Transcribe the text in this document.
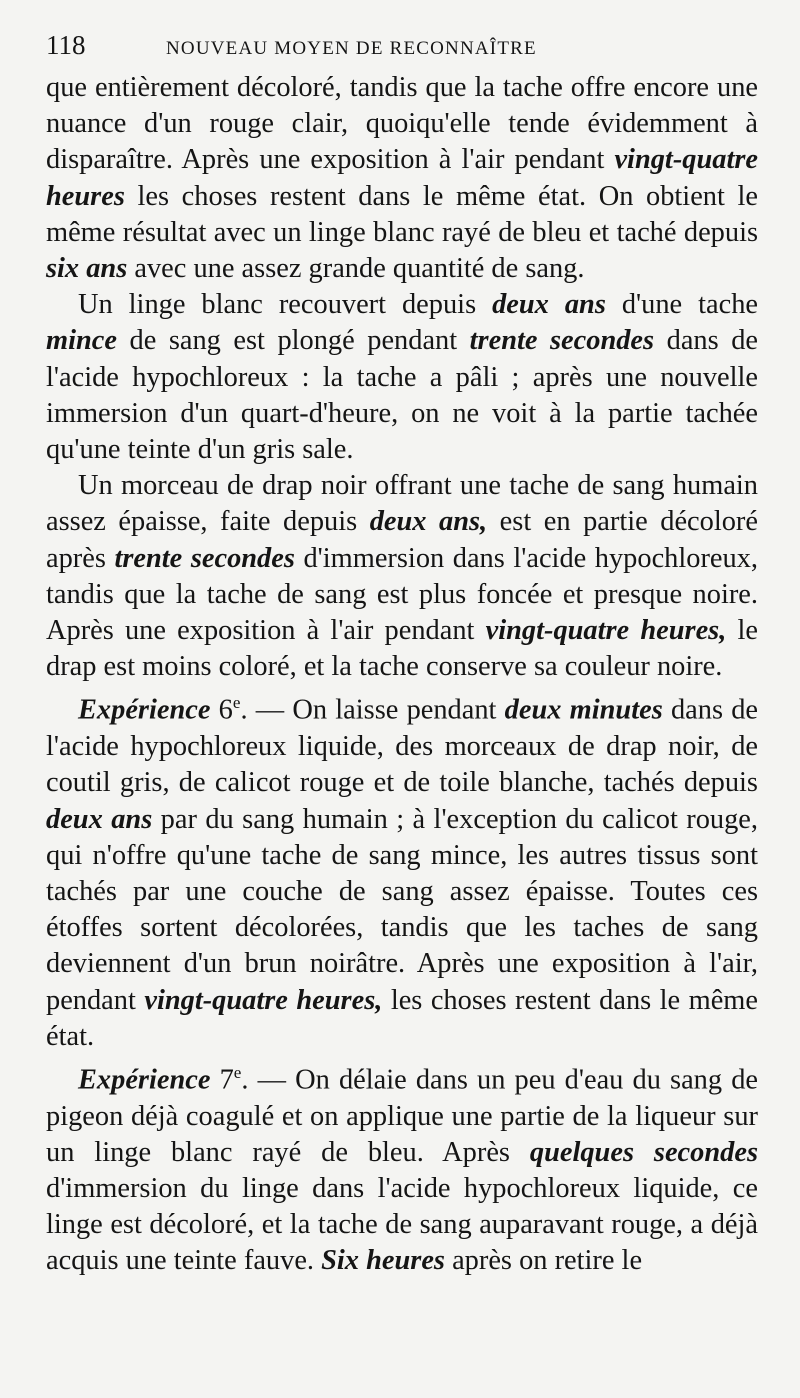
118	NOUVEAU MOYEN DE RECONNAÎTRE

que entièrement décoloré, tandis que la tache offre encore une nuance d'un rouge clair, quoiqu'elle tende évidemment à disparaître. Après une exposition à l'air pendant vingt-quatre heures les choses restent dans le même état. On obtient le même résultat avec un linge blanc rayé de bleu et taché depuis six ans avec une assez grande quantité de sang.

Un linge blanc recouvert depuis deux ans d'une tache mince de sang est plongé pendant trente secondes dans de l'acide hypochloreux : la tache a pâli ; après une nouvelle immersion d'un quart-d'heure, on ne voit à la partie tachée qu'une teinte d'un gris sale.

Un morceau de drap noir offrant une tache de sang humain assez épaisse, faite depuis deux ans, est en partie décoloré après trente secondes d'immersion dans l'acide hypochloreux, tandis que la tache de sang est plus foncée et presque noire. Après une exposition à l'air pendant vingt-quatre heures, le drap est moins coloré, et la tache conserve sa couleur noire.

Expérience 6e. — On laisse pendant deux minutes dans de l'acide hypochloreux liquide, des morceaux de drap noir, de coutil gris, de calicot rouge et de toile blanche, tachés depuis deux ans par du sang humain ; à l'exception du calicot rouge, qui n'offre qu'une tache de sang mince, les autres tissus sont tachés par une couche de sang assez épaisse. Toutes ces étoffes sortent décolorées, tandis que les taches de sang deviennent d'un brun noirâtre. Après une exposition à l'air, pendant vingt-quatre heures, les choses restent dans le même état.

Expérience 7e. — On délaie dans un peu d'eau du sang de pigeon déjà coagulé et on applique une partie de la liqueur sur un linge blanc rayé de bleu. Après quelques secondes d'immersion du linge dans l'acide hypochloreux liquide, ce linge est décoloré, et la tache de sang auparavant rouge, a déjà acquis une teinte fauve. Six heures après on retire le
